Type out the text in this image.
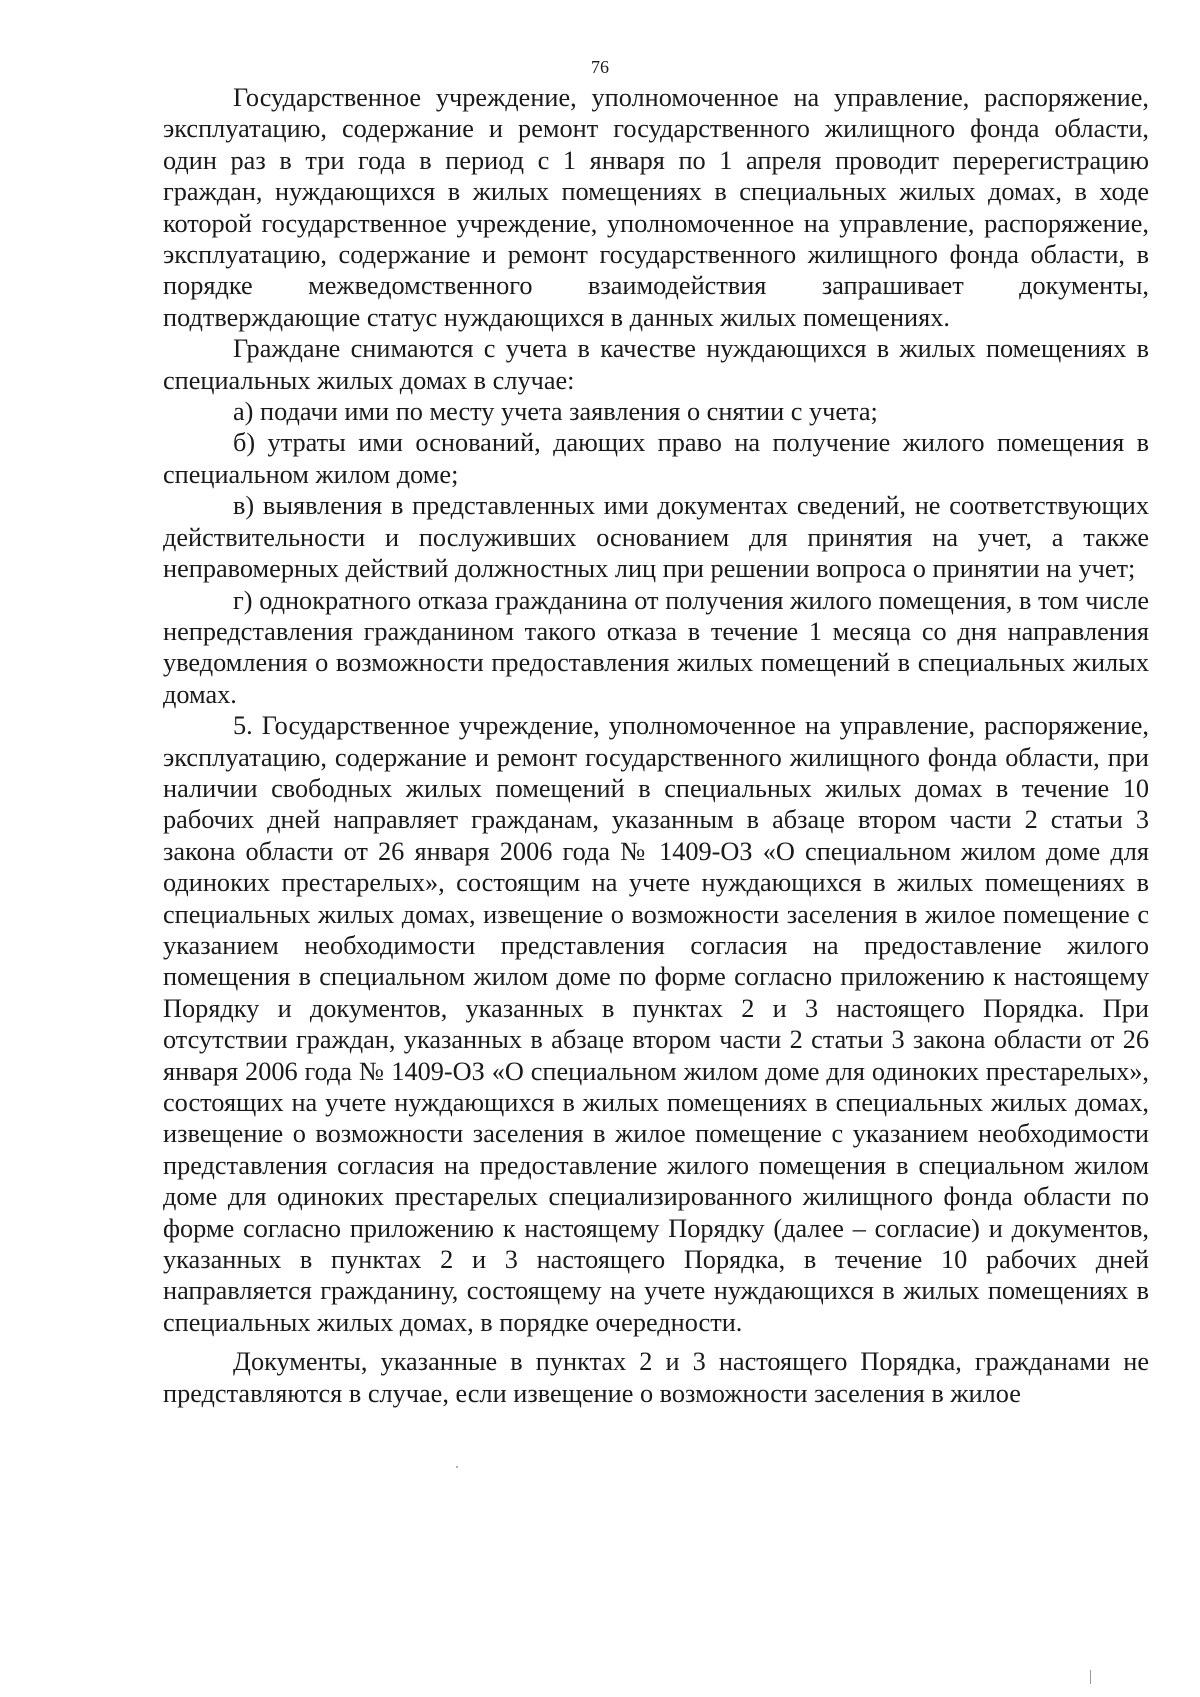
76

Государственное учреждение, уполномоченное на управление, распоряжение, эксплуатацию, содержание и ремонт государственного жилищного фонда области, один раз в три года в период с 1 января по 1 апреля проводит перерегистрацию граждан, нуждающихся в жилых помещениях в специальных жилых домах, в ходе которой государственное учреждение, уполномоченное на управление, распоряжение, эксплуатацию, содержание и ремонт государственного жилищного фонда области, в порядке межведомственного взаимодействия запрашивает документы, подтверждающие статус нуждающихся в данных жилых помещениях.

Граждане снимаются с учета в качестве нуждающихся в жилых помещениях в специальных жилых домах в случае:

а) подачи ими по месту учета заявления о снятии с учета;

б) утраты ими оснований, дающих право на получение жилого помещения в специальном жилом доме;

в) выявления в представленных ими документах сведений, не соответствующих действительности и послуживших основанием для принятия на учет, а также неправомерных действий должностных лиц при решении вопроса о принятии на учет;

г) однократного отказа гражданина от получения жилого помещения, в том числе непредставления гражданином такого отказа в течение 1 месяца со дня направления уведомления о возможности предоставления жилых помещений в специальных жилых домах.

5. Государственное учреждение, уполномоченное на управление, распоряжение, эксплуатацию, содержание и ремонт государственного жилищного фонда области, при наличии свободных жилых помещений в специальных жилых домах в течение 10 рабочих дней направляет гражданам, указанным в абзаце втором части 2 статьи 3 закона области от 26 января 2006 года № 1409-ОЗ «О специальном жилом доме для одиноких престарелых», состоящим на учете нуждающихся в жилых помещениях в специальных жилых домах, извещение о возможности заселения в жилое помещение с указанием необходимости представления согласия на предоставление жилого помещения в специальном жилом доме по форме согласно приложению к настоящему Порядку и документов, указанных в пунктах 2 и 3 настоящего Порядка. При отсутствии граждан, указанных в абзаце втором части 2 статьи 3 закона области от 26 января 2006 года № 1409-ОЗ «О специальном жилом доме для одиноких престарелых», состоящих на учете нуждающихся в жилых помещениях в специальных жилых домах, извещение о возможности заселения в жилое помещение с указанием необходимости представления согласия на предоставление жилого помещения в специальном жилом доме для одиноких престарелых специализированного жилищного фонда области по форме согласно приложению к настоящему Порядку (далее – согласие) и документов, указанных в пунктах 2 и 3 настоящего Порядка, в течение 10 рабочих дней направляется гражданину, состоящему на учете нуждающихся в жилых помещениях в специальных жилых домах, в порядке очередности.

Документы, указанные в пунктах 2 и 3 настоящего Порядка, гражданами не представляются в случае, если извещение о возможности заселения в жилое
